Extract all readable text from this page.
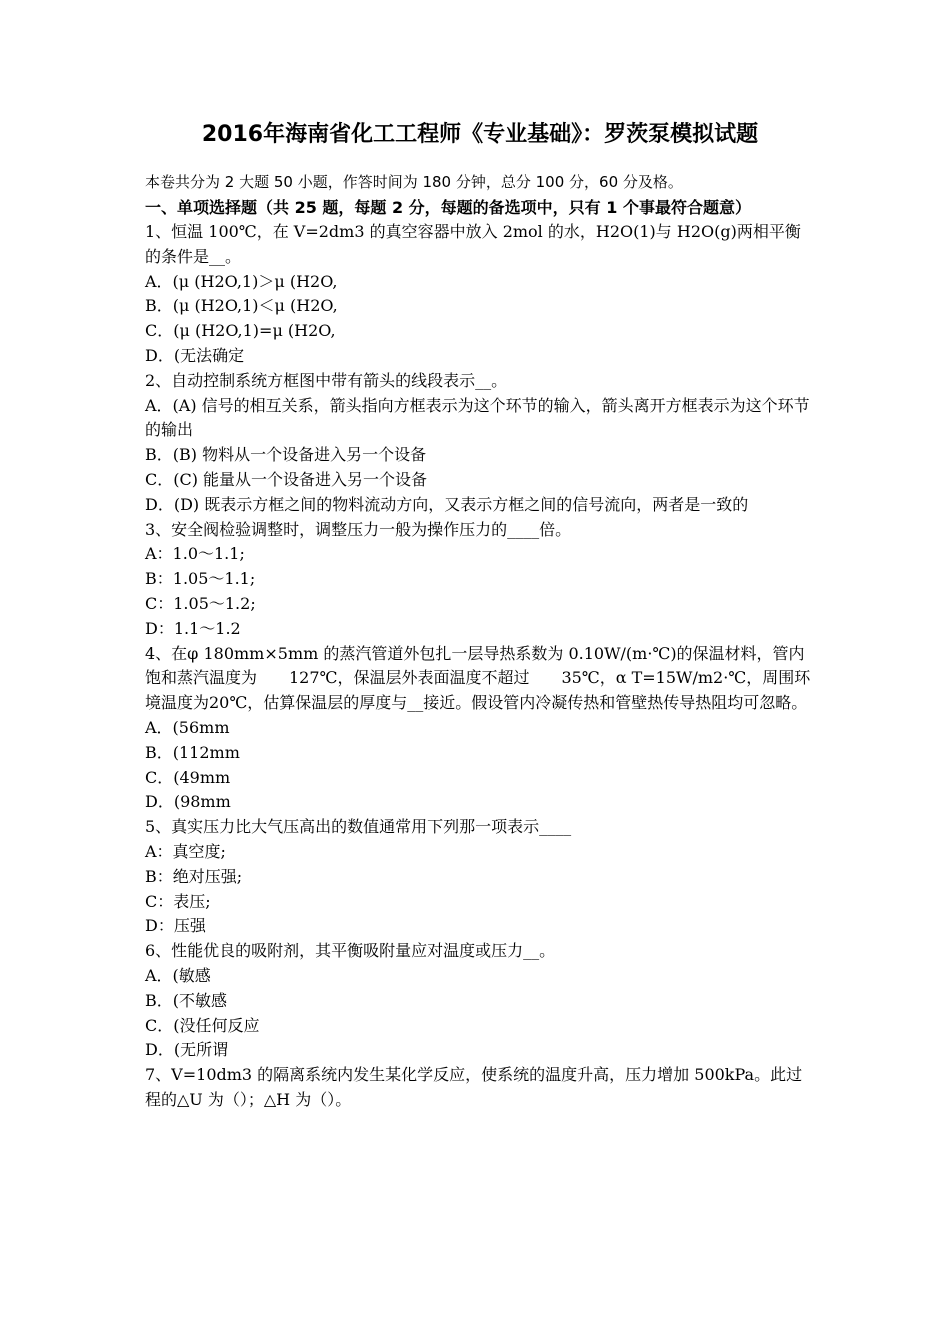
2016年海南省化工工程师《专业基础》：罗茨泵模拟试题
本卷共分为 2 大题 50 小题，作答时间为 180 分钟，总分 100 分，60 分及格。
一、单项选择题（共 25 题，每题 2 分，每题的备选项中，只有 1 个事最符合题意）
1、恒温 100℃，在 V=2dm3 的真空容器中放入 2mol 的水，H2O(1)与 H2O(g)两相平衡的条件是__。
A．(μ (H2O,1)＞μ (H2O,
B．(μ (H2O,1)＜μ (H2O,
C．(μ (H2O,1)=μ (H2O,
D．(无法确定
2、自动控制系统方框图中带有箭头的线段表示__。
A．(A) 信号的相互关系，箭头指向方框表示为这个环节的输入，箭头离开方框表示为这个环节的输出
B．(B) 物料从一个设备进入另一个设备
C．(C) 能量从一个设备进入另一个设备
D．(D) 既表示方框之间的物料流动方向，又表示方框之间的信号流向，两者是一致的
3、安全阀检验调整时，调整压力一般为操作压力的____倍。
A：1.0～1.1;
B：1.05～1.1;
C：1.05～1.2;
D：1.1～1.2
4、在φ 180mm×5mm 的蒸汽管道外包扎一层导热系数为 0.10W/(m·℃)的保温材料，管内饱和蒸汽温度为　　127℃，保温层外表面温度不超过　　35℃，α T=15W/m2·℃，周围环境温度为20℃，估算保温层的厚度与__接近。假设管内冷凝传热和管壁热传导热阻均可忽略。
A．(56mm
B．(112mm
C．(49mm
D．(98mm
5、真实压力比大气压高出的数值通常用下列那一项表示____
A：真空度;
B：绝对压强;
C：表压;
D：压强
6、性能优良的吸附剂，其平衡吸附量应对温度或压力__。
A．(敏感
B．(不敏感
C．(没任何反应
D．(无所谓
7、V=10dm3 的隔离系统内发生某化学反应，使系统的温度升高，压力增加 500kPa。此过程的△U 为（）；△H 为（）。
